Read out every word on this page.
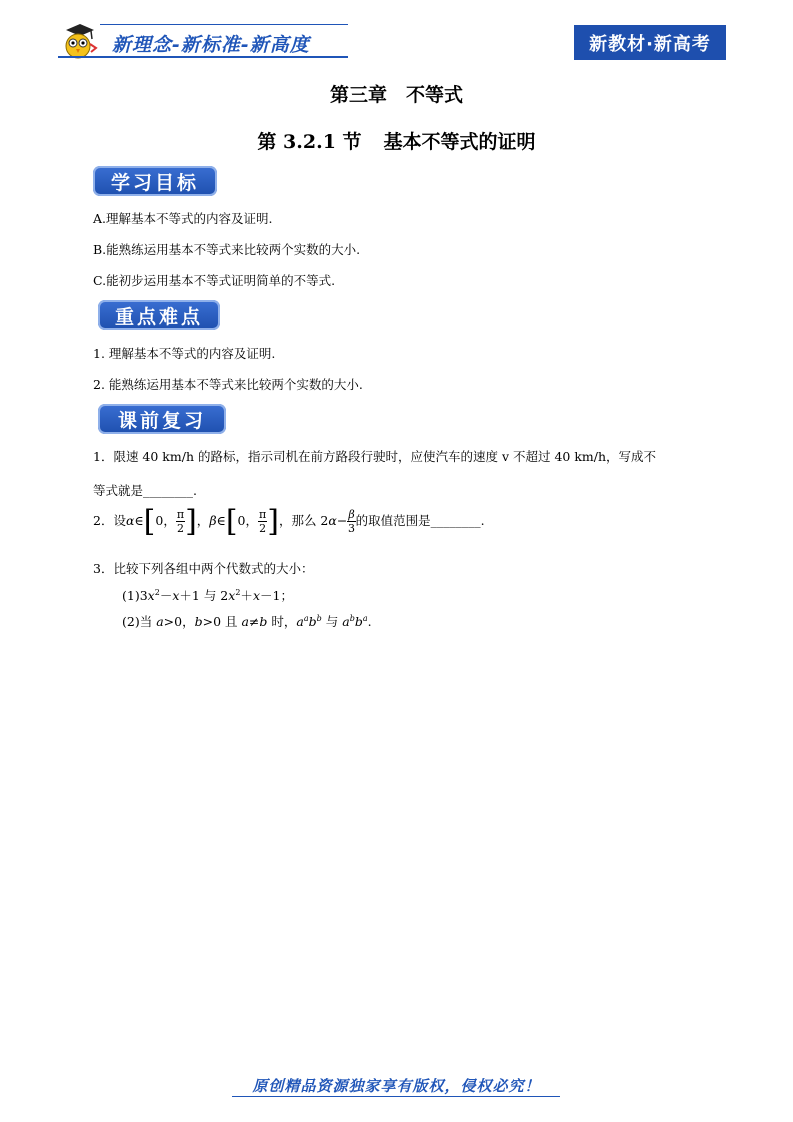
新理念-新标准-新高度	新教材·新高考
第三章　不等式
第 3.2.1 节 基本不等式的证明
学习目标
A.理解基本不等式的内容及证明.
B.能熟练运用基本不等式来比较两个实数的大小.
C.能初步运用基本不等式证明简单的不等式.
重点难点
1. 理解基本不等式的内容及证明.
2. 能熟练运用基本不等式来比较两个实数的大小.
课前复习
1．限速 40 km/h 的路标，指示司机在前方路段行驶时，应使汽车的速度 v 不超过 40 km/h，写成不
等式就是________.
2．设α∈[0， $\frac{\pi}{2}$ ]，β∈[0， $\frac{\pi}{2}$ ]，那么 $2\alpha- \frac{\beta}{3}$ 的取值范围是________.
3．比较下列各组中两个代数式的大小：
$(1)3x^2-x+1$ 与 $2x^2+x-1$；
(2)当 a>0，b>0 且 a≠b 时，$a^ab^b$ 与 $a^bb^a$.
原创精品资源独家享有版权，侵权必究！
